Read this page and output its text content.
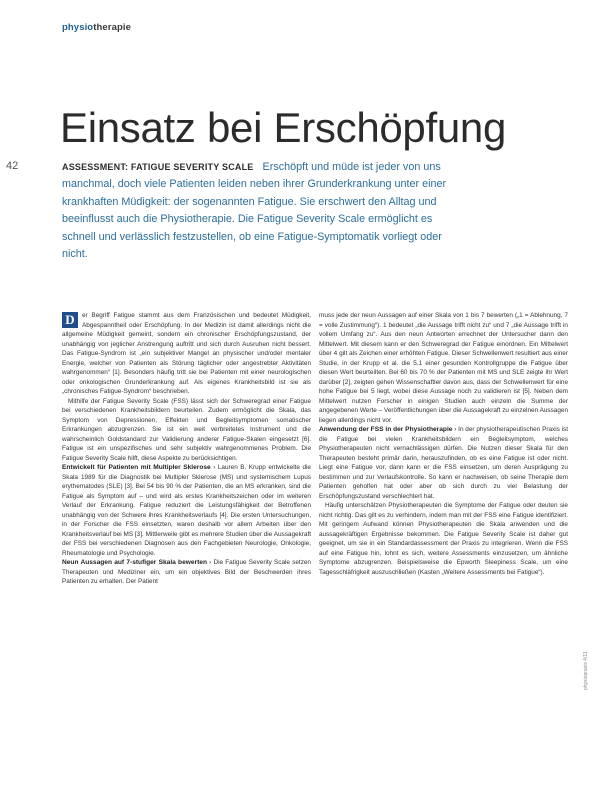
physiotherapie
42
Einsatz bei Erschöpfung
ASSESSMENT: FATIGUE SEVERITY SCALE Erschöpft und müde ist jeder von uns manchmal, doch viele Patienten leiden neben ihrer Grunderkrankung unter einer krankhaften Müdigkeit: der sogenannten Fatigue. Sie erschwert den Alltag und beeinflusst auch die Physiotherapie. Die Fatigue Severity Scale ermöglicht es schnell und verlässlich festzustellen, ob eine Fatigue-Symptomatik vorliegt oder nicht.

D	er Begriff Fatigue stammt aus dem Französischen und bedeutet Müdigkeit, Abgespanntheit oder Erschöpfung. In der Medizin ist damit allerdings nicht die allgemeine Müdigkeit gemeint, sondern ein chronischer Erschöpfungszustand, der unabhängig von jeglicher Anstrengung auftritt und sich durch Ausruhen nicht bessert. Das Fatigue-Syndrom ist „ein subjektiver Mangel an physischer und/oder mentaler Energie, welcher von Patienten als Störung täglicher oder angestrebter Aktivitäten wahrgenommen“ [1]. Besonders häufig tritt sie bei Patienten mit einer neurologischen oder onkologischen Grunderkrankung auf. Als eigenes Krankheitsbild ist sie als „chronisches Fatigue-Syndrom“ beschrieben.

Mithilfe der Fatigue Severity Scale (FSS) lässt sich der Schweregrad einer Fatigue bei verschiedenen Krankheitsbildern beurteilen. Zudem ermöglicht die Skala, das Symptom von Depressionen, Effekten und Begleitsymptomen somatischer Erkrankungen abzugrenzen. Sie ist ein weit verbreitetes Instrument und die wahrscheinlich Goldstandard zur Validierung anderer Fatigue-Skalen eingesetzt [6]. Fatigue ist ein unspezifisches und sehr subjektiv wahrgenommenes Problem. Die Fatigue Severity Scale hilft, diese Aspekte zu berücksichtigen.

Entwickelt für Patienten mit Multipler Sklerose › Lauren B. Krupp entwickelte die Skala 1989 für die Diagnostik bei Multipler Sklerose (MS) und systemischem Lupus erythematodes (SLE) [3]. Bei 54 bis 90 % der Patienten, die an MS erkranken, sind die Fatigue als Symptom auf – und wird als erstes Krankheitszeichen oder im weiteren Verlauf der Erkrankung. Fatigue reduziert die Leistungsfähigkeit der Betroffenen unabhängig von der Schwere ihres Krankheitsverlaufs [4]. Die ersten Untersuchungen, in der Forscher die FSS einsetzten, waren deshalb vor allem Arbeiten über den Krankheitsverlauf bei MS [3]. Mittlerweile gibt es mehrere Studien über die Aussagekraft der FSS bei verschiedenen Diagnosen aus den Fachgebieten Neurologie, Onkologie, Rheumatologie und Psychologie.

Neun Aussagen auf 7-stufiger Skala bewerten › Die Fatigue Severity Scale setzen Therapeuten und Mediziner ein, um ein objektives Bild der Beschwerden ihres Patienten zu erhalten. Der Patient

muss jede der neun Aussagen auf einer Skala von 1 bis 7 bewerten („1 = Ablehnung, 7 = volle Zustimmung“). 1 bedeutet „die Aussage trifft nicht zu“ und 7 „die Aussage trifft in vollem Umfang zu“. Aus den neun Antworten errechnet der Untersucher dann den Mittelwert. Mit diesem kann er den Schweregrad der Fatigue einordnen. Ein Mittelwert über 4 gilt als Zeichen einer erhöhten Fatigue. Dieser Schwellenwert resultiert aus einer Studie, in der Krupp et al. die 5,1 einer gesunden Kontrollgruppe die Fatigue über diesen Wert beurteilten. Bei 60 bis 70 % der Patienten mit MS und SLE zeigte ihr Wert darüber [2], zeigten gehen Wissenschaftler davon aus, dass der Schwellenwert für eine hohe Fatigue bei 5 liegt, wobei diese Aussage noch zu validieren ist [5]. Neben dem Mittelwert nutzen Forscher in einigen Studien auch einzeln die Summe der angegebenen Werte – Veröffentlichungen über die Aussagekraft zu einzelnen Aussagen liegen allerdings nicht vor.

Anwendung der FSS in der Physiotherapie › In der physiotherapeutischen Praxis ist die Fatigue bei vielen Krankheitsbildern ein Begleitsymptom, welches Physiotherapeuten nicht vernachlässigen dürfen. Die Nutzen dieser Skala für den Therapeuten besteht primär darin, herauszufinden, ob es eine Fatigue ist oder nicht. Liegt eine Fatigue vor, dann kann er die FSS einsetzen, um deren Ausprägung zu bestimmen und zur Verlaufskontrolle. So kann er nachweisen, ob seine Therapie dem Patienten geholfen hat oder aber ob sich durch zu viel Belastung der Erschöpfungszustand verschlechtert hat.

Häufig unterschätzen Physiotherapeuten die Symptome der Fatigue oder deuten sie nicht richtig. Das gilt es zu verhindern, indem man mit der FSS eine Fatigue identifiziert. Mit geringem Aufwand können Physiotherapeuten die Skala anwenden und die aussagekräftigen Ergebnisse bekommen. Die Fatigue Severity Scale ist daher gut geeignet, um sie in ein Standardassessment der Praxis zu integrieren. Wenn die FSS auf eine Fatigue hin, lohnt es sich, weitere Assessments einzusetzen, um ähnliche Symptome abzugrenzen. Beispielsweise die Epworth Sleepiness Scale, um eine Tagesschläfrigkeit auszuschließen (Kasten „Weitere Assessments bei Fatigue“).

physiopraxis 4/11
